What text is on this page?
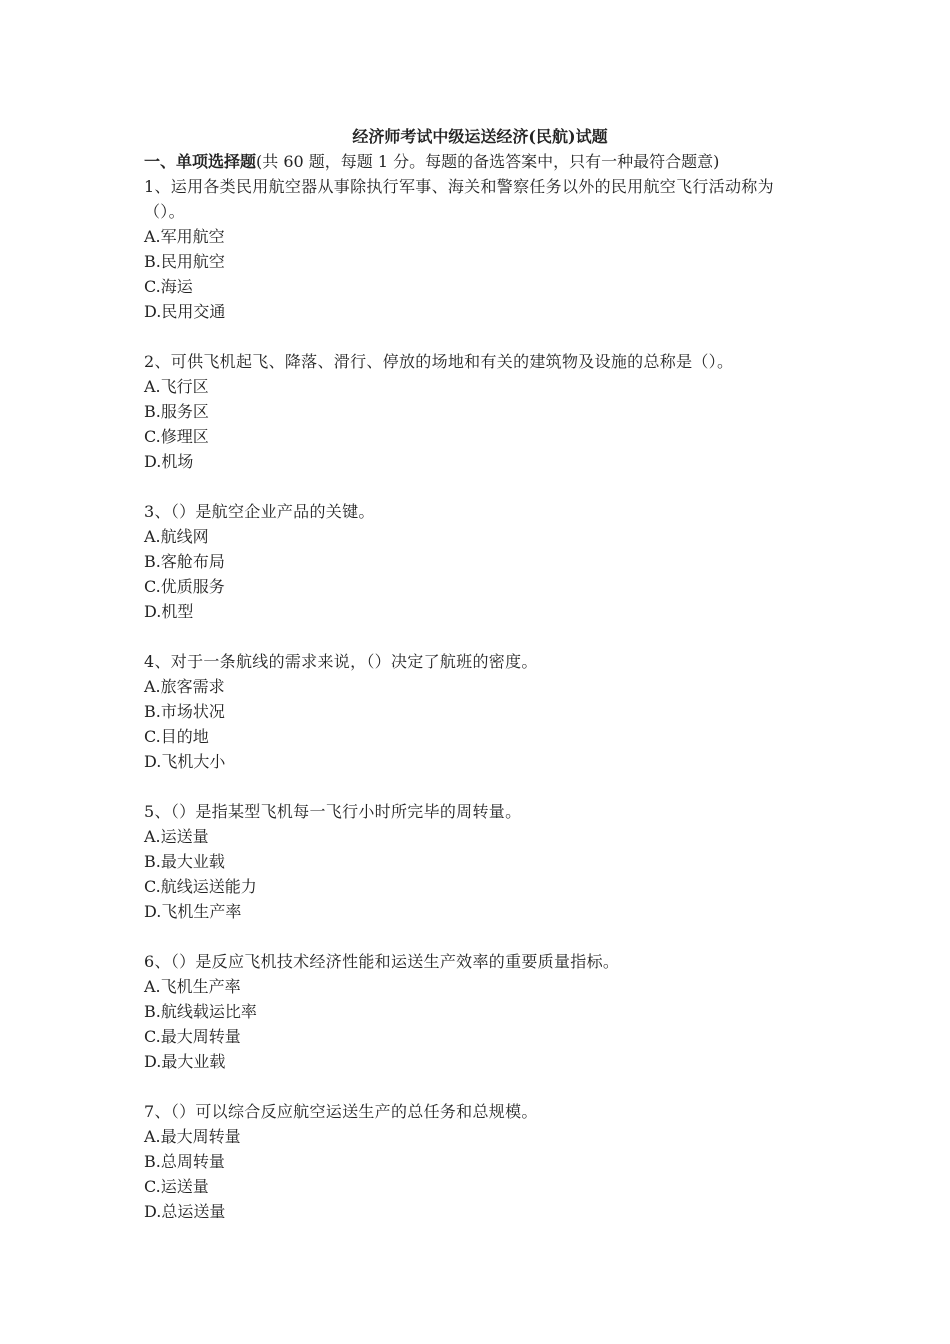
经济师考试中级运送经济(民航)试题
一、单项选择题(共 60 题，每题 1 分。每题的备选答案中，只有一种最符合题意)
1、运用各类民用航空器从事除执行军事、海关和警察任务以外的民用航空飞行活动称为（）。
A.军用航空
B.民用航空
C.海运
D.民用交通
2、可供飞机起飞、降落、滑行、停放的场地和有关的建筑物及设施的总称是（）。
A.飞行区
B.服务区
C.修理区
D.机场
3、（）是航空企业产品的关键。
A.航线网
B.客舱布局
C.优质服务
D.机型
4、对于一条航线的需求来说，（）决定了航班的密度。
A.旅客需求
B.市场状况
C.目的地
D.飞机大小
5、（）是指某型飞机每一飞行小时所完毕的周转量。
A.运送量
B.最大业载
C.航线运送能力
D.飞机生产率
6、（）是反应飞机技术经济性能和运送生产效率的重要质量指标。
A.飞机生产率
B.航线载运比率
C.最大周转量
D.最大业载
7、（）可以综合反应航空运送生产的总任务和总规模。
A.最大周转量
B.总周转量
C.运送量
D.总运送量
